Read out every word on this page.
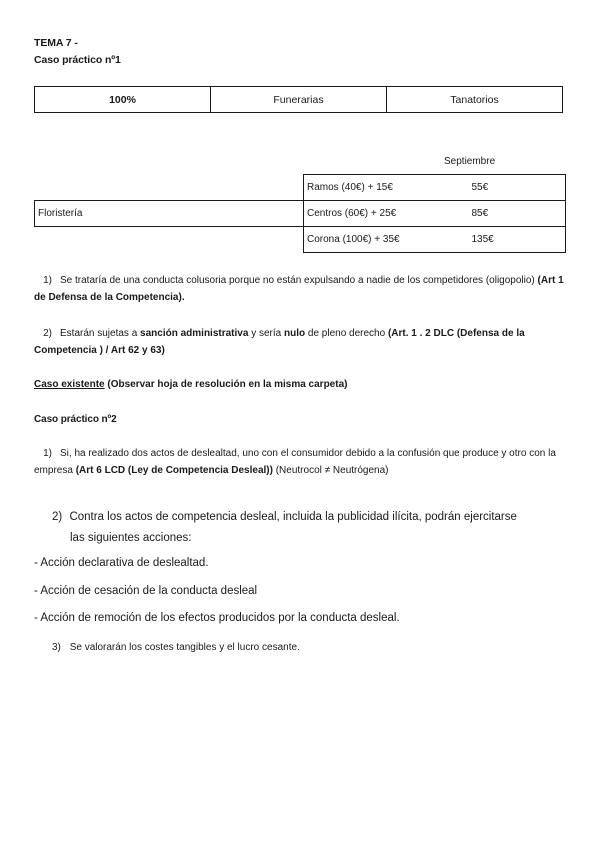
TEMA 7 -
Caso práctico nº1
100%	Funerarias	Tanatorios
Septiembre
	Ramos (40€) + 15€	55€
Floristería	Centros (60€) + 25€	85€
	Corona (100€) + 35€	135€
1) Se trataría de una conducta colusoria porque no están expulsando a nadie de los competidores (oligopolio) (Art 1 de Defensa de la Competencia).
2) Estarán sujetas a sanción administrativa y sería nulo de pleno derecho (Art. 1 . 2 DLC (Defensa de la Competencia ) / Art 62 y 63)
Caso existente (Observar hoja de resolución en la misma carpeta)
Caso práctico nº2
1) Si, ha realizado dos actos de deslealtad, uno con el consumidor debido a la confusión que produce y otro con la empresa (Art 6 LCD (Ley de Competencia Desleal)) (Neutrocol ≠ Neutrógena)
2) Contra los actos de competencia desleal, incluida la publicidad ilícita, podrán ejercitarse
las siguientes acciones:
- Acción declarativa de deslealtad.
- Acción de cesación de la conducta desleal
- Acción de remoción de los efectos producidos por la conducta desleal.
3) Se valorarán los costes tangibles y el lucro cesante.
